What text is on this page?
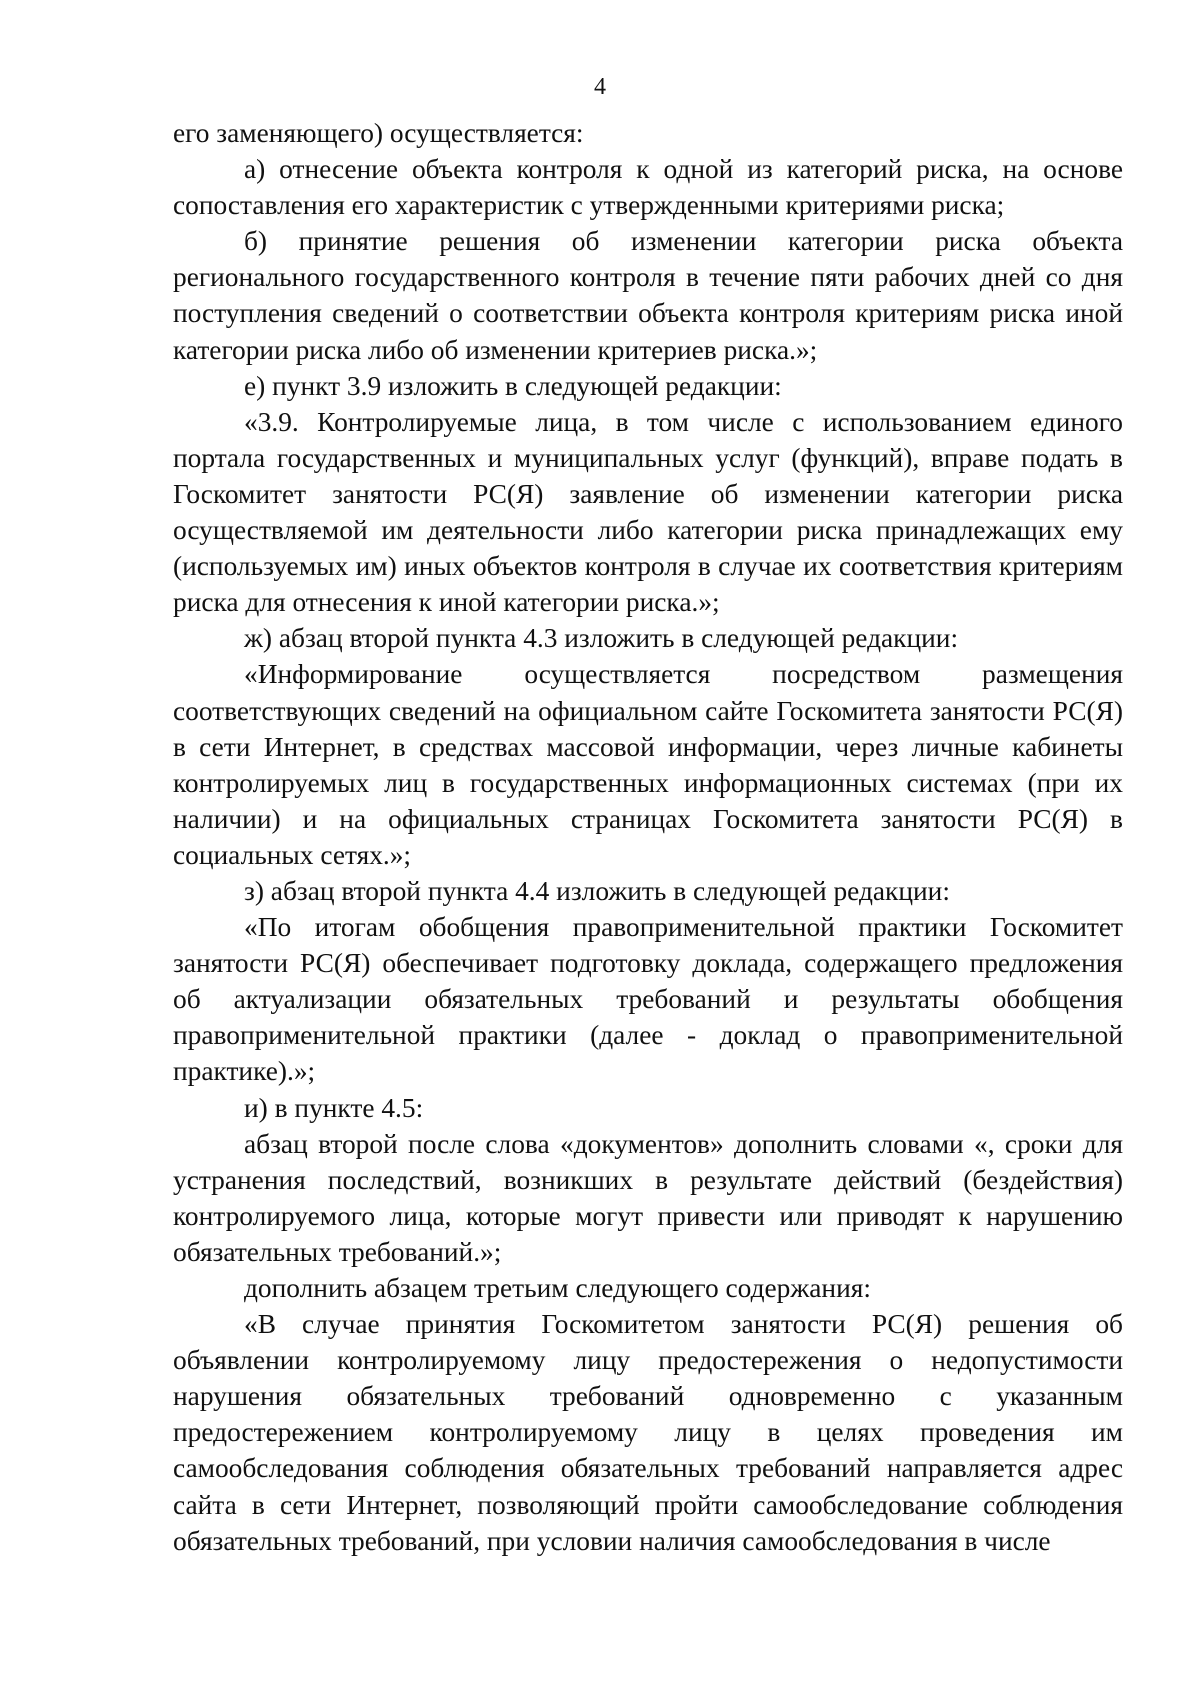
4

его заменяющего) осуществляется:

а) отнесение объекта контроля к одной из категорий риска, на основе сопоставления его характеристик с утвержденными критериями риска;

б) принятие решения об изменении категории риска объекта регионального государственного контроля в течение пяти рабочих дней со дня поступления сведений о соответствии объекта контроля критериям риска иной категории риска либо об изменении критериев риска.»;

е) пункт 3.9 изложить в следующей редакции:

«3.9. Контролируемые лица, в том числе с использованием единого портала государственных и муниципальных услуг (функций), вправе подать в Госкомитет занятости РС(Я) заявление об изменении категории риска осуществляемой им деятельности либо категории риска принадлежащих ему (используемых им) иных объектов контроля в случае их соответствия критериям риска для отнесения к иной категории риска.»;

ж) абзац второй пункта 4.3 изложить в следующей редакции:

«Информирование осуществляется посредством размещения соответствующих сведений на официальном сайте Госкомитета занятости РС(Я) в сети Интернет, в средствах массовой информации, через личные кабинеты контролируемых лиц в государственных информационных системах (при их наличии) и на официальных страницах Госкомитета занятости РС(Я) в социальных сетях.»;

з) абзац второй пункта 4.4 изложить в следующей редакции:

«По итогам обобщения правоприменительной практики Госкомитет занятости РС(Я) обеспечивает подготовку доклада, содержащего предложения об актуализации обязательных требований и результаты обобщения правоприменительной практики (далее - доклад о правоприменительной практике).»;

и) в пункте 4.5:

абзац второй после слова «документов» дополнить словами «, сроки для устранения последствий, возникших в результате действий (бездействия) контролируемого лица, которые могут привести или приводят к нарушению обязательных требований.»;

дополнить абзацем третьим следующего содержания:

«В случае принятия Госкомитетом занятости РС(Я) решения об объявлении контролируемому лицу предостережения о недопустимости нарушения обязательных требований одновременно с указанным предостережением контролируемому лицу в целях проведения им самообследования соблюдения обязательных требований направляется адрес сайта в сети Интернет, позволяющий пройти самообследование соблюдения обязательных требований, при условии наличия самообследования в числе
